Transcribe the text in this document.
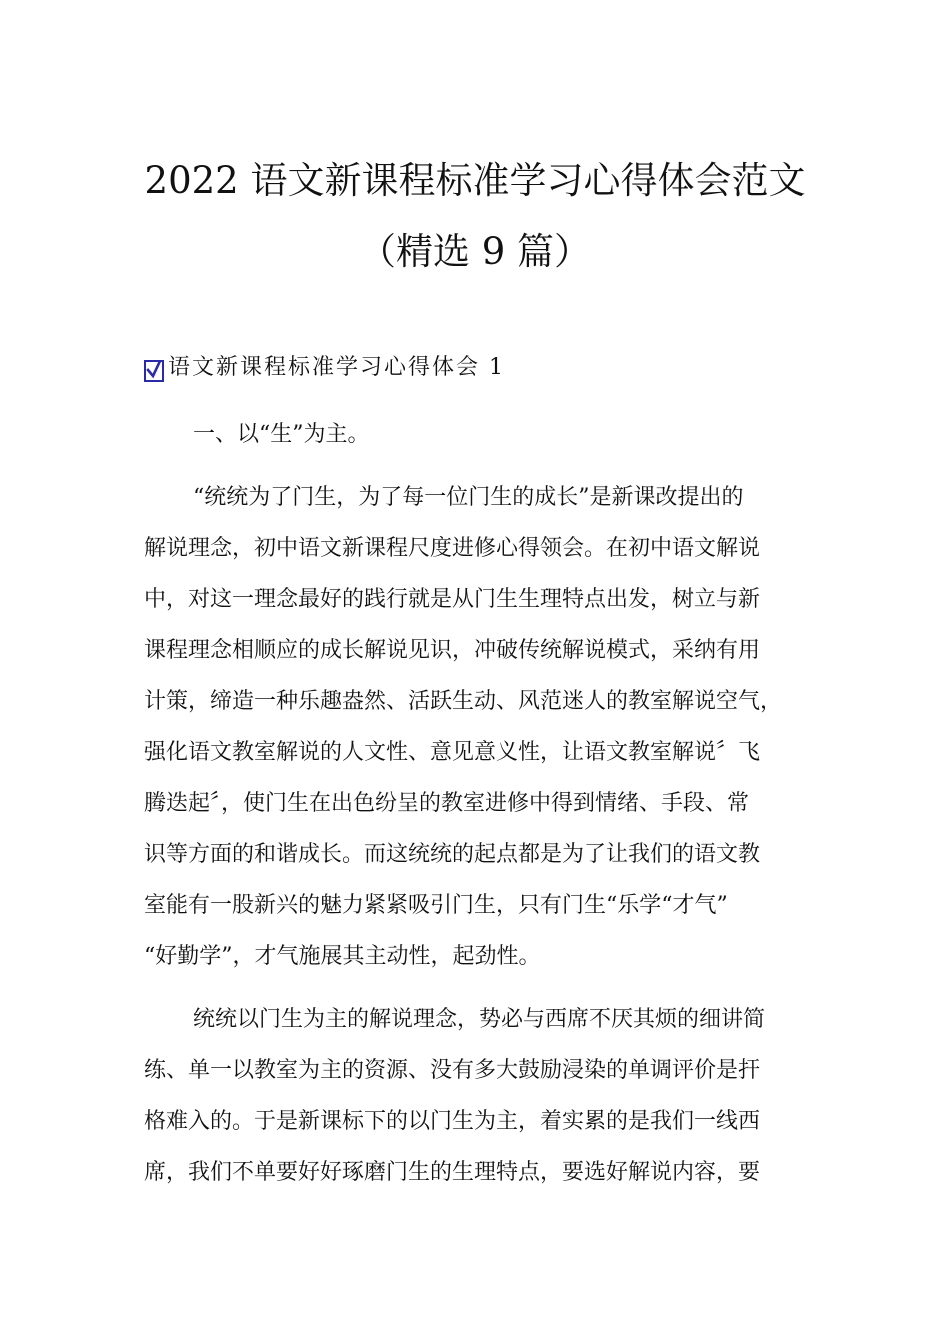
2022 语文新课程标准学习心得体会范文
（精选 9 篇）
语文新课程标准学习心得体会 1
一、以“生”为主。
“统统为了门生，为了每一位门生的成长”是新课改提出的
解说理念，初中语文新课程尺度进修心得领会。在初中语文解说
中，对这一理念最好的践行就是从门生生理特点出发，树立与新
课程理念相顺应的成长解说见识，冲破传统解说模式，采纳有用
计策，缔造一种乐趣盎然、活跃生动、风范迷人的教室解说空气，
强化语文教室解说的人文性、意见意义性，让语文教室解说〞飞
腾迭起〞，使门生在出色纷呈的教室进修中得到情绪、手段、常
识等方面的和谐成长。而这统统的起点都是为了让我们的语文教
室能有一股新兴的魅力紧紧吸引门生，只有门生“乐学“才气”
“好勤学”，才气施展其主动性，起劲性。
统统以门生为主的解说理念，势必与西席不厌其烦的细讲简
练、单一以教室为主的资源、没有多大鼓励浸染的单调评价是扞
格难入的。于是新课标下的以门生为主，着实累的是我们一线西
席，我们不单要好好琢磨门生的生理特点，要选好解说内容，要
